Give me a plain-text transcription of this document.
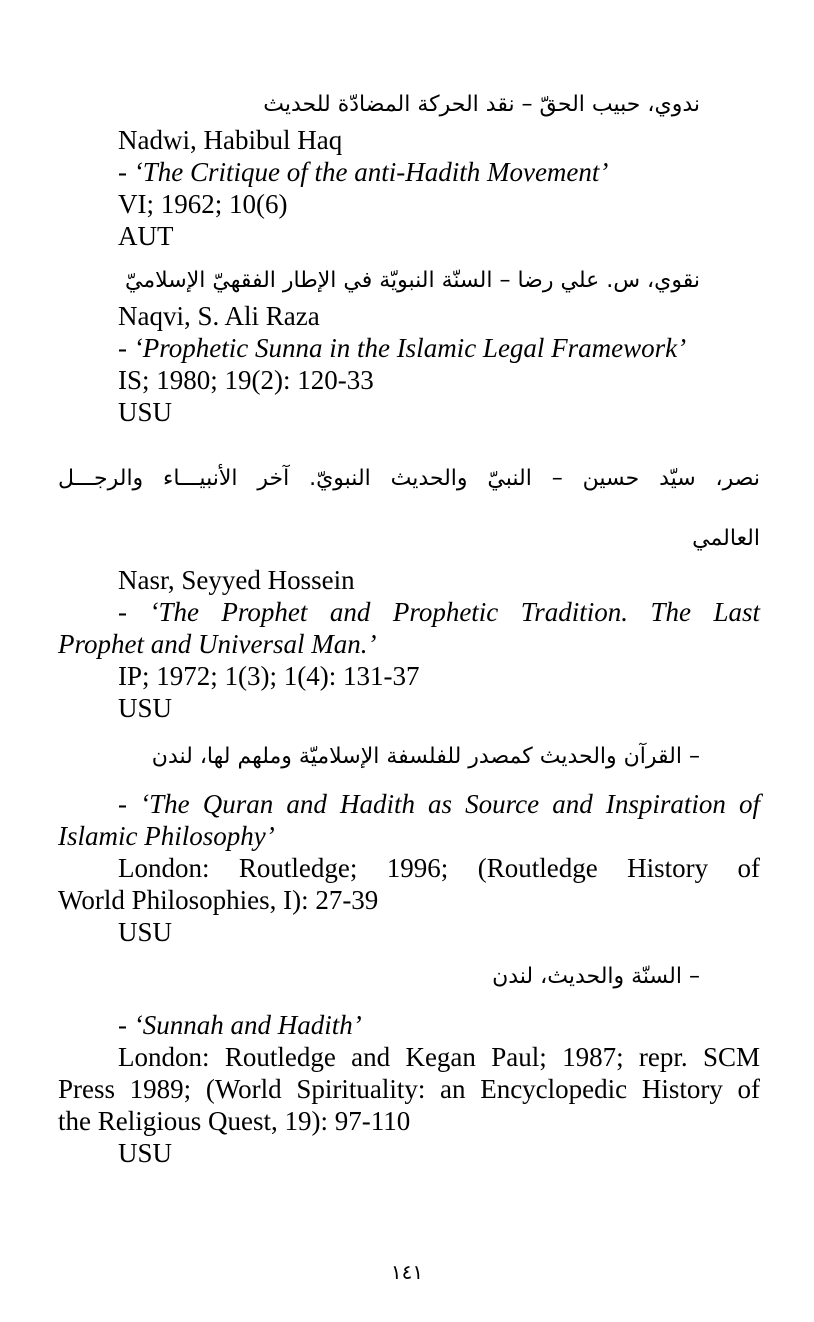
ندوي، حبيب الحقّ – نقد الحركة المضادّة للحديث
Nadwi, Habibul Haq
- ‘The Critique of the anti-Hadith Movement’
VI; 1962; 10(6)
AUT
نقوي، س. علي رضا – السنّة النبويّة في الإطار الفقهيّ الإسلاميّ
Naqvi, S. Ali Raza
- ‘Prophetic Sunna in the Islamic Legal Framework’
IS; 1980; 19(2): 120-33
USU
نصر، سيّد حسين – النبيّ والحديث النبويّ. آخر الأنبيـــاء والرجـــل
العالمي
Nasr, Seyyed Hossein
- ‘The Prophet and Prophetic Tradition. The Last
Prophet and Universal Man.’
IP; 1972; 1(3); 1(4): 131-37
USU
– القرآن والحديث كمصدر للفلسفة الإسلاميّة وملهم لها، لندن
- ‘The Quran and Hadith as Source and Inspiration of
Islamic Philosophy’
London: Routledge; 1996; (Routledge History of
World Philosophies, I): 27-39
USU
– السنّة والحديث، لندن
- ‘Sunnah and Hadith’
London: Routledge and Kegan Paul; 1987; repr. SCM
Press 1989; (World Spirituality: an Encyclopedic History of
the Religious Quest, 19): 97-110
USU
١٤١
